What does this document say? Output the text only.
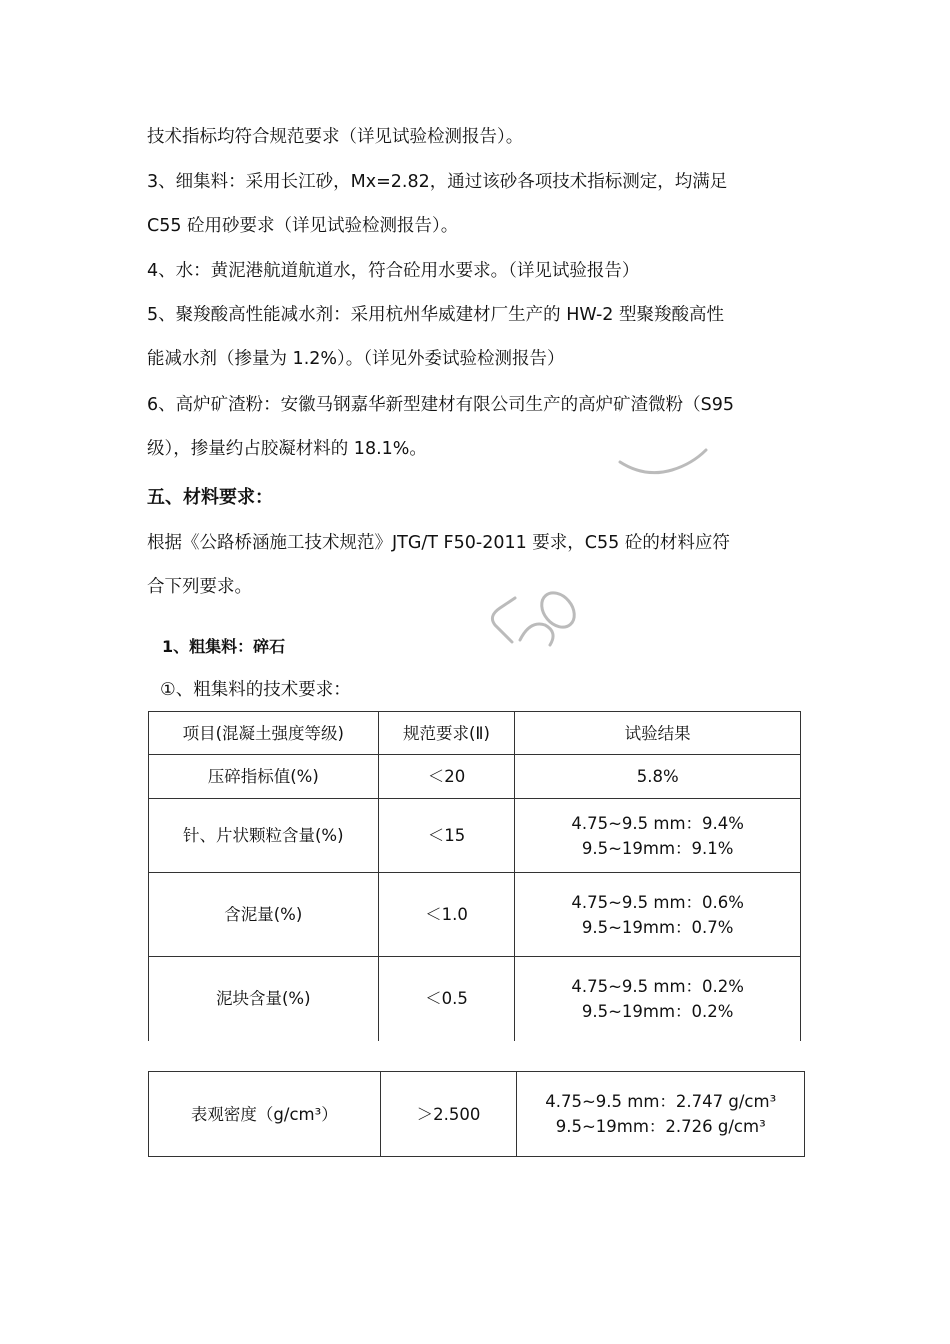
技术指标均符合规范要求（详见试验检测报告）。
3、细集料：采用长江砂，Mx=2.82，通过该砂各项技术指标测定，均满足
C55 砼用砂要求（详见试验检测报告）。
4、水：黄泥港航道航道水，符合砼用水要求。（详见试验报告）
5、聚羧酸高性能减水剂：采用杭州华威建材厂生产的 HW-2 型聚羧酸高性
能减水剂（掺量为 1.2%）。（详见外委试验检测报告）
6、高炉矿渣粉：安徽马钢嘉华新型建材有限公司生产的高炉矿渣微粉（S95
级），掺量约占胶凝材料的 18.1%。
五、材料要求：
根据《公路桥涵施工技术规范》JTG/T F50-2011 要求，C55 砼的材料应符
合下列要求。
1、粗集料：碎石
①、粗集料的技术要求：
项目(混凝土强度等级)	规范要求(Ⅱ)	试验结果
压碎指标值(%)	＜20	5.8%

针、片状颗粒含量(%)	＜15	4.75~9.5 mm：9.4%
9.5~19mm：9.1%

含泥量(%)	＜1.0	4.75~9.5 mm：0.6%
9.5~19mm：0.7%

泥块含量(%)	＜0.5	4.75~9.5 mm：0.2%
9.5~19mm：0.2%
表观密度（g/cm³）	＞2.500	
4.75~9.5 mm：2.747 g/cm³
9.5~19mm：2.726 g/cm³
